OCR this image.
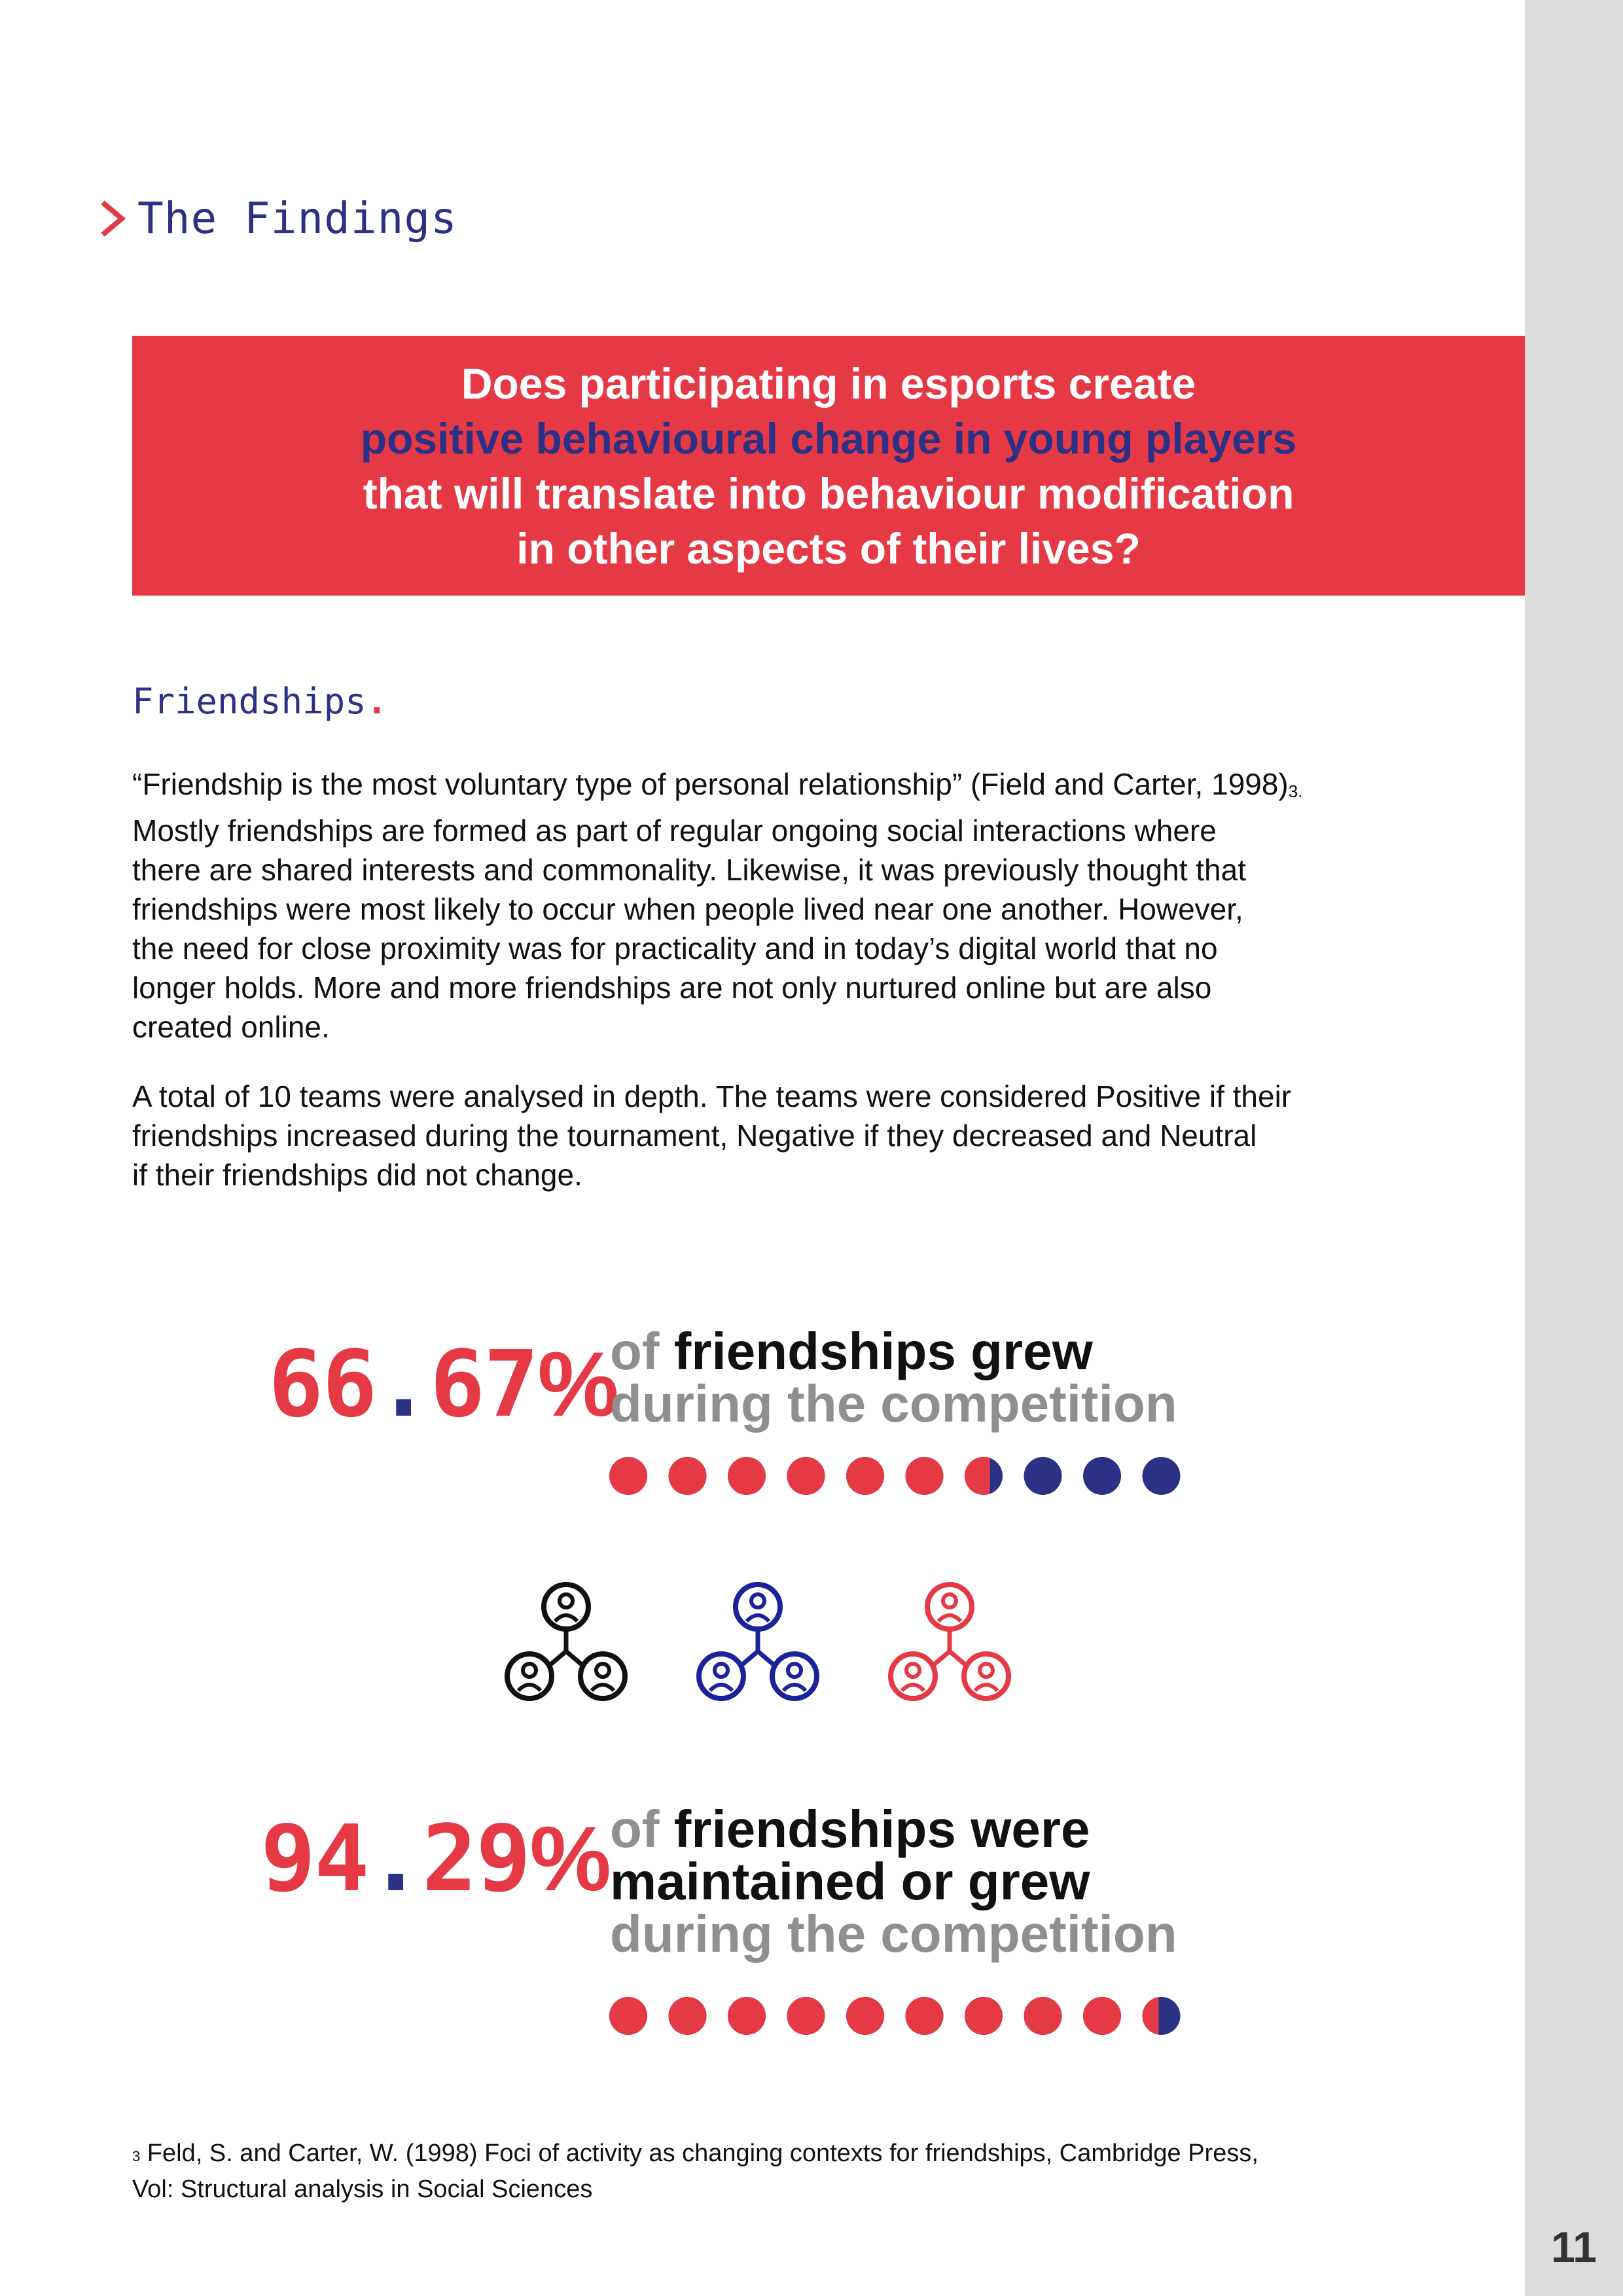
11
The Findings
Does participating in esports create
positive behavioural change in young players
that will translate into behaviour modification
in other aspects of their lives?
Friendships.

“Friendship is the most voluntary type of personal relationship” (Field and Carter, 1998)3.
Mostly friendships are formed as part of regular ongoing social interactions where
there are shared interests and commonality. Likewise, it was previously thought that
friendships were most likely to occur when people lived near one another. However,
the need for close proximity was for practicality and in today’s digital world that no
longer holds. More and more friendships are not only nurtured online but are also
created online.

A total of 10 teams were analysed in depth. The teams were considered Positive if their
friendships increased during the tournament, Negative if they decreased and Neutral
if their friendships did not change.

66.67%
of friendships grew
during the competition
94.29% of friendships were
maintained or grew
during the competition
3 Feld, S. and Carter, W. (1998) Foci of activity as changing contexts for friendships, Cambridge Press,
Vol: Structural analysis in Social Sciences
